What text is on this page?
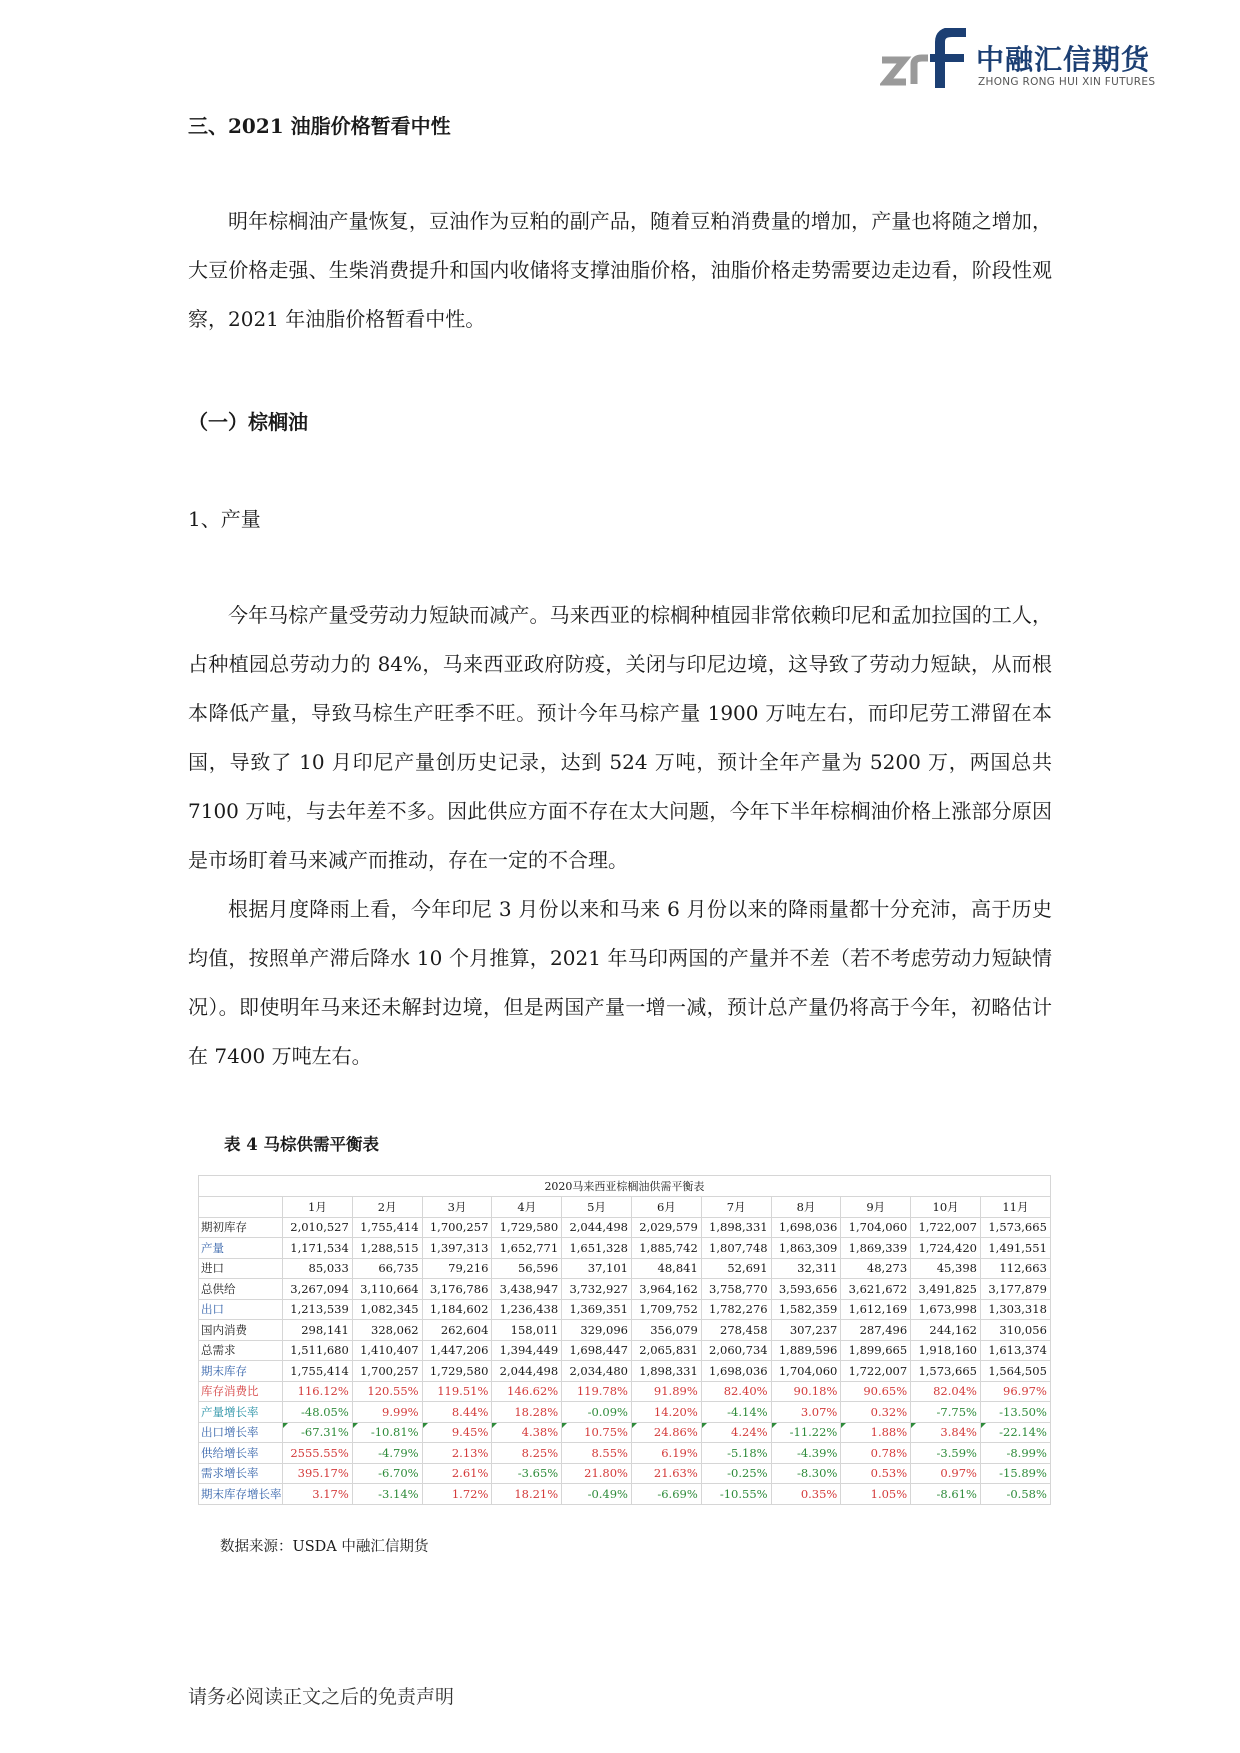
中融汇信期货
ZHONG RONG HUI XIN FUTURES
三、2021 油脂价格暂看中性

明年棕榈油产量恢复，豆油作为豆粕的副产品，随着豆粕消费量的增加，产量也将随之增加，大豆价格走强、生柴消费提升和国内收储将支撑油脂价格，油脂价格走势需要边走边看，阶段性观察，2021 年油脂价格暂看中性。

（一）棕榈油
1、产量

今年马棕产量受劳动力短缺而减产。马来西亚的棕榈种植园非常依赖印尼和孟加拉国的工人，占种植园总劳动力的 84%，马来西亚政府防疫，关闭与印尼边境，这导致了劳动力短缺，从而根本降低产量，导致马棕生产旺季不旺。预计今年马棕产量 1900 万吨左右，而印尼劳工滞留在本国，导致了 10 月印尼产量创历史记录，达到 524 万吨，预计全年产量为 5200 万，两国总共 7100 万吨，与去年差不多。因此供应方面不存在太大问题，今年下半年棕榈油价格上涨部分原因是市场盯着马来减产而推动，存在一定的不合理。

根据月度降雨上看，今年印尼 3 月份以来和马来 6 月份以来的降雨量都十分充沛，高于历史均值，按照单产滞后降水 10 个月推算，2021 年马印两国的产量并不差（若不考虑劳动力短缺情况）。即使明年马来还未解封边境，但是两国产量一增一减，预计总产量仍将高于今年，初略估计在 7400 万吨左右。

表 4 马棕供需平衡表
2020马来西亚棕榈油供需平衡表											
	1月	2月	3月	4月	5月	6月	7月	8月	9月	10月	11月
期初库存	2,010,527	1,755,414	1,700,257	1,729,580	2,044,498	2,029,579	1,898,331	1,698,036	1,704,060	1,722,007	1,573,665
产量	1,171,534	1,288,515	1,397,313	1,652,771	1,651,328	1,885,742	1,807,748	1,863,309	1,869,339	1,724,420	1,491,551
进口	85,033	66,735	79,216	56,596	37,101	48,841	52,691	32,311	48,273	45,398	112,663
总供给	3,267,094	3,110,664	3,176,786	3,438,947	3,732,927	3,964,162	3,758,770	3,593,656	3,621,672	3,491,825	3,177,879
出口	1,213,539	1,082,345	1,184,602	1,236,438	1,369,351	1,709,752	1,782,276	1,582,359	1,612,169	1,673,998	1,303,318
国内消费	298,141	328,062	262,604	158,011	329,096	356,079	278,458	307,237	287,496	244,162	310,056
总需求	1,511,680	1,410,407	1,447,206	1,394,449	1,698,447	2,065,831	2,060,734	1,889,596	1,899,665	1,918,160	1,613,374
期末库存	1,755,414	1,700,257	1,729,580	2,044,498	2,034,480	1,898,331	1,698,036	1,704,060	1,722,007	1,573,665	1,564,505
库存消费比	116.12%	120.55%	119.51%	146.62%	119.78%	91.89%	82.40%	90.18%	90.65%	82.04%	96.97%
产量增长率	-48.05%	9.99%	8.44%	18.28%	-0.09%	14.20%	-4.14%	3.07%	0.32%	-7.75%	-13.50%
出口增长率	-67.31%	-10.81%	9.45%	4.38%	10.75%	24.86%	4.24%	-11.22%	1.88%	3.84%	-22.14%
供给增长率	2555.55%	-4.79%	2.13%	8.25%	8.55%	6.19%	-5.18%	-4.39%	0.78%	-3.59%	-8.99%
需求增长率	395.17%	-6.70%	2.61%	-3.65%	21.80%	21.63%	-0.25%	-8.30%	0.53%	0.97%	-15.89%
期末库存增长率	3.17%	-3.14%	1.72%	18.21%	-0.49%	-6.69%	-10.55%	0.35%	1.05%	-8.61%	-0.58%
数据来源：USDA 中融汇信期货
请务必阅读正文之后的免责声明
